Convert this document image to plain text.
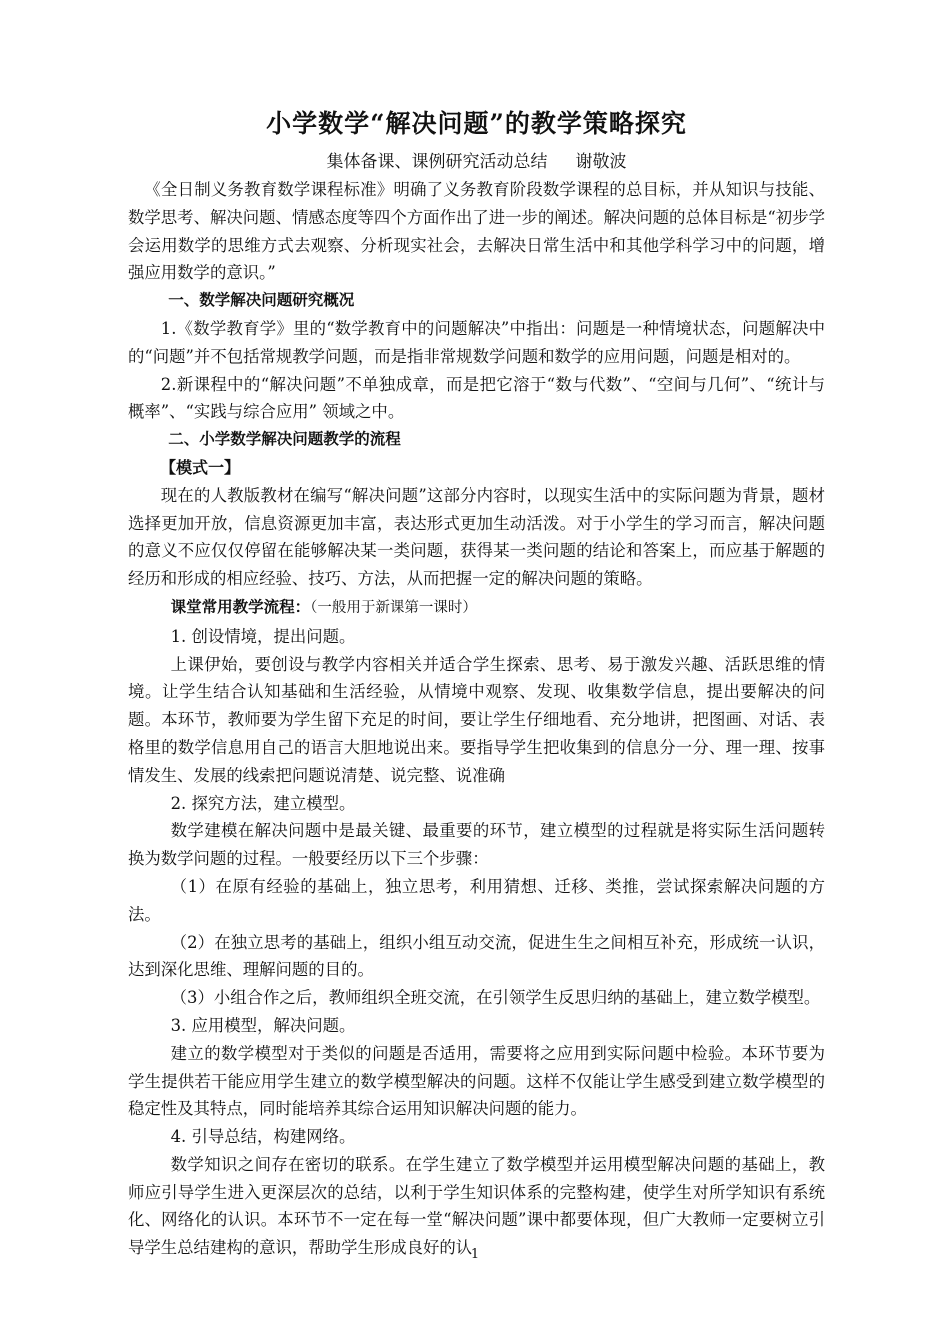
小学数学“解决问题”的教学策略探究
集体备课、课例研究活动总结 谢敬波

《全日制义务教育数学课程标准》明确了义务教育阶段数学课程的总目标，并从知识与技能、数学思考、解决问题、情感态度等四个方面作出了进一步的阐述。解决问题的总体目标是“初步学会运用数学的思维方式去观察、分析现实社会，去解决日常生活中和其他学科学习中的问题，增强应用数学的意识。”

一、数学解决问题研究概况

1.《数学教育学》里的“数学教育中的问题解决”中指出：问题是一种情境状态，问题解决中的“问题”并不包括常规教学问题，而是指非常规数学问题和数学的应用问题，问题是相对的。

2.新课程中的“解决问题”不单独成章，而是把它溶于“数与代数”、“空间与几何”、“统计与概率”、“实践与综合应用” 领域之中。

二、小学数学解决问题教学的流程

【模式一】

现在的人教版教材在编写“解决问题”这部分内容时，以现实生活中的实际问题为背景，题材选择更加开放，信息资源更加丰富，表达形式更加生动活泼。对于小学生的学习而言，解决问题的意义不应仅仅停留在能够解决某一类问题，获得某一类问题的结论和答案上，而应基于解题的经历和形成的相应经验、技巧、方法，从而把握一定的解决问题的策略。

课堂常用教学流程：（一般用于新课第一课时）

1. 创设情境，提出问题。

上课伊始，要创设与教学内容相关并适合学生探索、思考、易于激发兴趣、活跃思维的情境。让学生结合认知基础和生活经验，从情境中观察、发现、收集数学信息，提出要解决的问题。本环节，教师要为学生留下充足的时间，要让学生仔细地看、充分地讲，把图画、对话、表格里的数学信息用自己的语言大胆地说出来。要指导学生把收集到的信息分一分、理一理、按事情发生、发展的线索把问题说清楚、说完整、说准确

2. 探究方法，建立模型。

数学建模在解决问题中是最关键、最重要的环节，建立模型的过程就是将实际生活问题转换为数学问题的过程。一般要经历以下三个步骤：

（1）在原有经验的基础上，独立思考，利用猜想、迁移、类推，尝试探索解决问题的方法。

（2）在独立思考的基础上，组织小组互动交流，促进生生之间相互补充，形成统一认识，达到深化思维、理解问题的目的。

（3）小组合作之后，教师组织全班交流，在引领学生反思归纳的基础上，建立数学模型。

3. 应用模型，解决问题。

建立的数学模型对于类似的问题是否适用，需要将之应用到实际问题中检验。本环节要为学生提供若干能应用学生建立的数学模型解决的问题。这样不仅能让学生感受到建立数学模型的稳定性及其特点，同时能培养其综合运用知识解决问题的能力。

4. 引导总结，构建网络。

数学知识之间存在密切的联系。在学生建立了数学模型并运用模型解决问题的基础上，教师应引导学生进入更深层次的总结，以利于学生知识体系的完整构建，使学生对所学知识有系统化、网络化的认识。本环节不一定在每一堂“解决问题”课中都要体现，但广大教师一定要树立引导学生总结建构的意识，帮助学生形成良好的认

1
